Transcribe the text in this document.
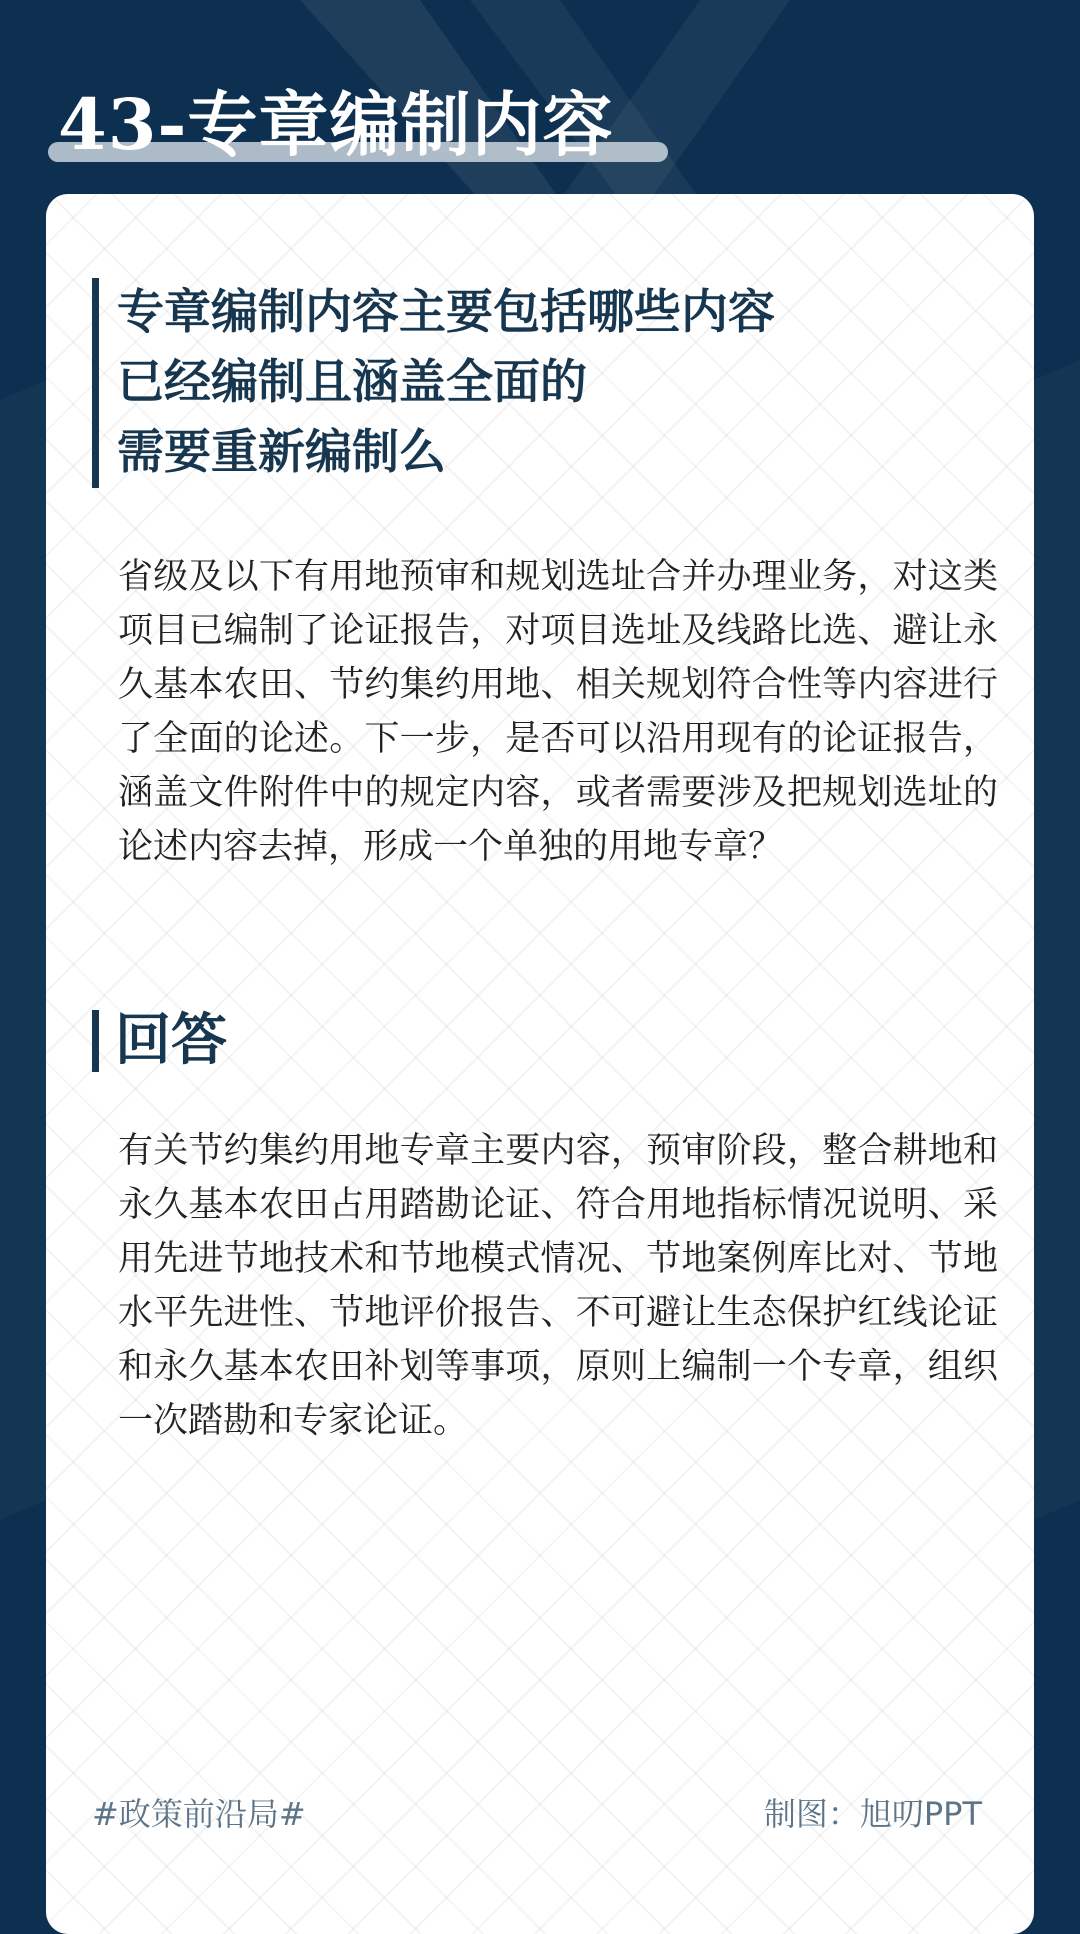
43-专章编制内容
专章编制内容主要包括哪些内容
已经编制且涵盖全面的
需要重新编制么

省级及以下有用地预审和规划选址合并办理业务，对这类项目已编制了论证报告，对项目选址及线路比选、避让永久基本农田、节约集约用地、相关规划符合性等内容进行了全面的论述。下一步，是否可以沿用现有的论证报告，涵盖文件附件中的规定内容，或者需要涉及把规划选址的论述内容去掉，形成一个单独的用地专章？

回答

有关节约集约用地专章主要内容，预审阶段，整合耕地和永久基本农田占用踏勘论证、符合用地指标情况说明、采用先进节地技术和节地模式情况、节地案例库比对、节地水平先进性、节地评价报告、不可避让生态保护红线论证和永久基本农田补划等事项，原则上编制一个专章，组织一次踏勘和专家论证。

#政策前沿局#	制图：旭叨PPT
